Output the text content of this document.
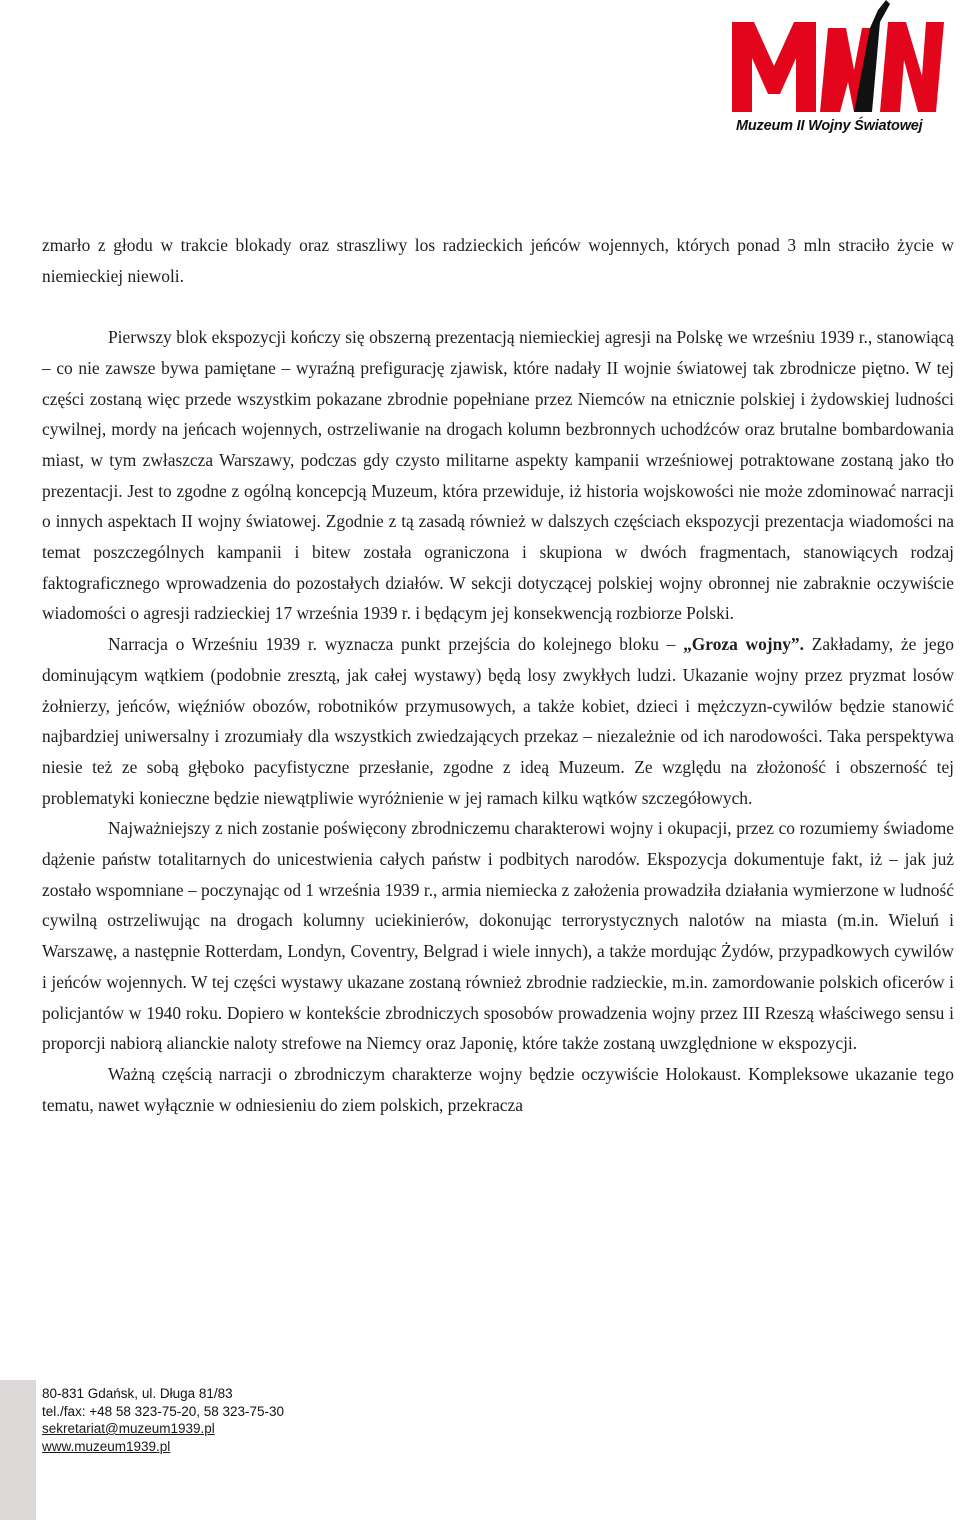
Muzeum II Wojny Światowej

zmarło z głodu w trakcie blokady oraz straszliwy los radzieckich jeńców wojennych, których ponad 3 mln straciło życie w niemieckiej niewoli.

Pierwszy blok ekspozycji kończy się obszerną prezentacją niemieckiej agresji na Polskę we wrześniu 1939 r., stanowiącą – co nie zawsze bywa pamiętane – wyraźną prefigurację zjawisk, które nadały II wojnie światowej tak zbrodnicze piętno. W tej części zostaną więc przede wszystkim pokazane zbrodnie popełniane przez Niemców na etnicznie polskiej i żydowskiej ludności cywilnej, mordy na jeńcach wojennych, ostrzeliwanie na drogach kolumn bezbronnych uchodźców oraz brutalne bombardowania miast, w tym zwłaszcza Warszawy, podczas gdy czysto militarne aspekty kampanii wrześniowej potraktowane zostaną jako tło prezentacji. Jest to zgodne z ogólną koncepcją Muzeum, która przewiduje, iż historia wojskowości nie może zdominować narracji o innych aspektach II wojny światowej. Zgodnie z tą zasadą również w dalszych częściach ekspozycji prezentacja wiadomości na temat poszczególnych kampanii i bitew została ograniczona i skupiona w dwóch fragmentach, stanowiących rodzaj faktograficznego wprowadzenia do pozostałych działów. W sekcji dotyczącej polskiej wojny obronnej nie zabraknie oczywiście wiadomości o agresji radzieckiej 17 września 1939 r. i będącym jej konsekwencją rozbiorze Polski.

Narracja o Wrześniu 1939 r. wyznacza punkt przejścia do kolejnego bloku – „Groza wojny”. Zakładamy, że jego dominującym wątkiem (podobnie zresztą, jak całej wystawy) będą losy zwykłych ludzi. Ukazanie wojny przez pryzmat losów żołnierzy, jeńców, więźniów obozów, robotników przymusowych, a także kobiet, dzieci i mężczyzn-cywilów będzie stanowić najbardziej uniwersalny i zrozumiały dla wszystkich zwiedzających przekaz – niezależnie od ich narodowości. Taka perspektywa niesie też ze sobą głęboko pacyfistyczne przesłanie, zgodne z ideą Muzeum. Ze względu na złożoność i obszerność tej problematyki konieczne będzie niewątpliwie wyróżnienie w jej ramach kilku wątków szczegółowych.

Najważniejszy z nich zostanie poświęcony zbrodniczemu charakterowi wojny i okupacji, przez co rozumiemy świadome dążenie państw totalitarnych do unicestwienia całych państw i podbitych narodów. Ekspozycja dokumentuje fakt, iż – jak już zostało wspomniane – poczynając od 1 września 1939 r., armia niemiecka z założenia prowadziła działania wymierzone w ludność cywilną ostrzeliwując na drogach kolumny uciekinierów, dokonując terrorystycznych nalotów na miasta (m.in. Wieluń i Warszawę, a następnie Rotterdam, Londyn, Coventry, Belgrad i wiele innych), a także mordując Żydów, przypadkowych cywilów i jeńców wojennych. W tej części wystawy ukazane zostaną również zbrodnie radzieckie, m.in. zamordowanie polskich oficerów i policjantów w 1940 roku. Dopiero w kontekście zbrodniczych sposobów prowadzenia wojny przez III Rzeszą właściwego sensu i proporcji nabiorą alianckie naloty strefowe na Niemcy oraz Japonię, które także zostaną uwzględnione w ekspozycji.

Ważną częścią narracji o zbrodniczym charakterze wojny będzie oczywiście Holokaust. Kompleksowe ukazanie tego tematu, nawet wyłącznie w odniesieniu do ziem polskich, przekracza

80-831 Gdańsk, ul. Długa 81/83
tel./fax: +48 58 323-75-20, 58 323-75-30
sekretariat@muzeum1939.pl
www.muzeum1939.pl
